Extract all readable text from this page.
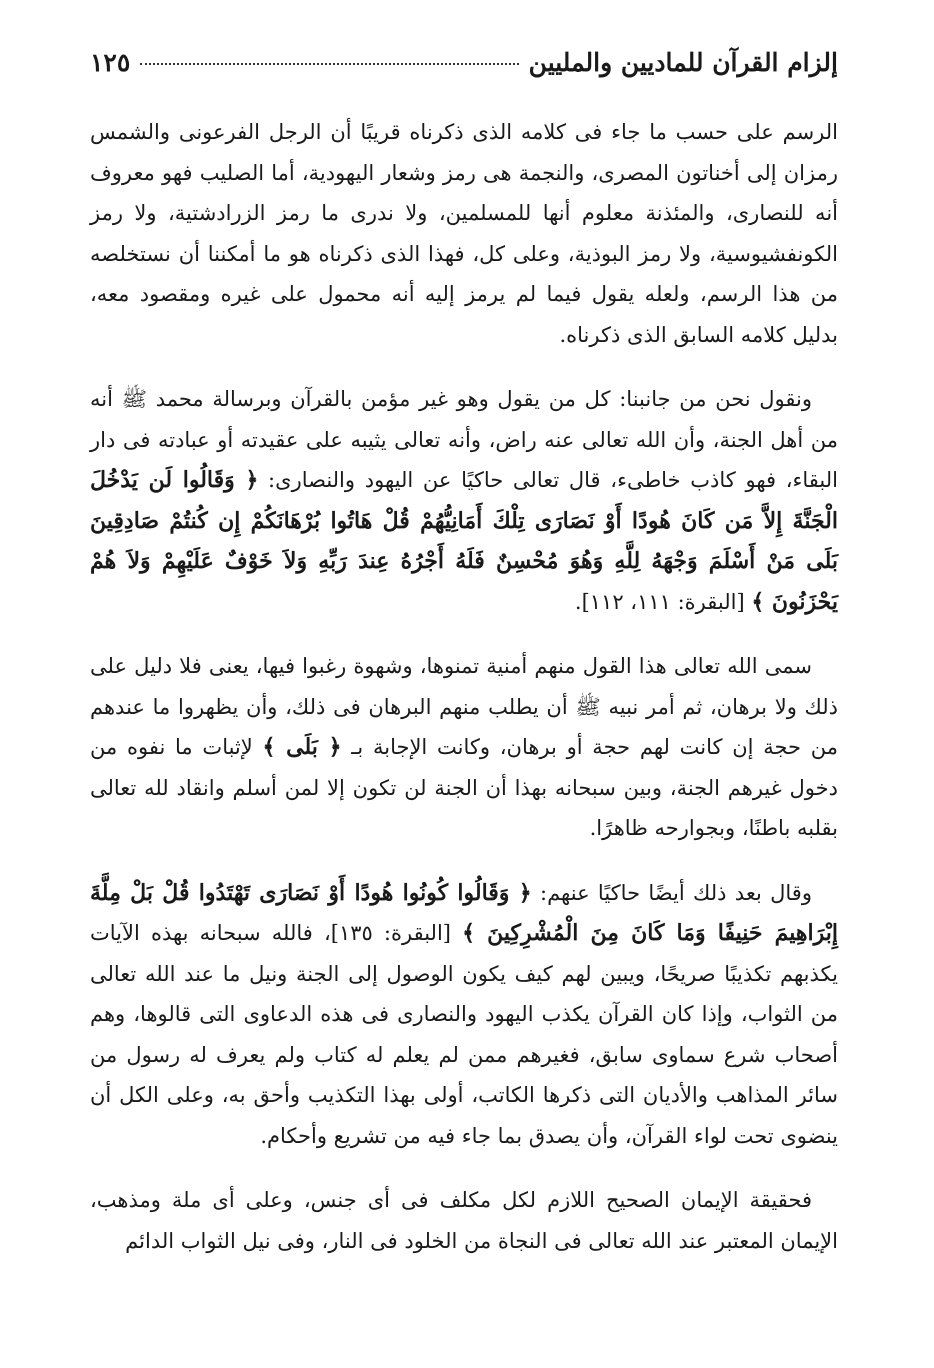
إلزام القرآن للماديين والمليين
١٢٥

الرسم على حسب ما جاء فى كلامه الذى ذكرناه قريبًا أن الرجل الفرعونى والشمس رمزان إلى أخناتون المصرى، والنجمة هى رمز وشعار اليهودية، أما الصليب فهو معروف أنه للنصارى، والمئذنة معلوم أنها للمسلمين، ولا ندرى ما رمز الزرادشتية، ولا رمز الكونفشيوسية، ولا رمز البوذية، وعلى كل، فهذا الذى ذكرناه هو ما أمكننا أن نستخلصه من هذا الرسم، ولعله يقول فيما لم يرمز إليه أنه محمول على غيره ومقصود معه، بدليل كلامه السابق الذى ذكرناه.

ونقول نحن من جانبنا: كل من يقول وهو غير مؤمن بالقرآن وبرسالة محمد ﷺ أنه من أهل الجنة، وأن الله تعالى عنه راض، وأنه تعالى يثيبه على عقيدته أو عبادته فى دار البقاء، فهو كاذب خاطىء، قال تعالى حاكيًا عن اليهود والنصارى: ﴿ وَقَالُوا لَن يَدْخُلَ الْجَنَّةَ إِلاَّ مَن كَانَ هُودًا أَوْ نَصَارَى تِلْكَ أَمَانِيُّهُمْ قُلْ هَاتُوا بُرْهَانَكُمْ إِن كُنتُمْ صَادِقِينَ بَلَى مَنْ أَسْلَمَ وَجْهَهُ لِلَّهِ وَهُوَ مُحْسِنٌ فَلَهُ أَجْرُهُ عِندَ رَبِّهِ وَلاَ خَوْفٌ عَلَيْهِمْ وَلاَ هُمْ يَحْزَنُونَ ﴾ [البقرة: ١١١، ١١٢].

سمى الله تعالى هذا القول منهم أمنية تمنوها، وشهوة رغبوا فيها، يعنى فلا دليل على ذلك ولا برهان، ثم أمر نبيه ﷺ أن يطلب منهم البرهان فى ذلك، وأن يظهروا ما عندهم من حجة إن كانت لهم حجة أو برهان، وكانت الإجابة بـ ﴿ بَلَى ﴾ لإثبات ما نفوه من دخول غيرهم الجنة، وبين سبحانه بهذا أن الجنة لن تكون إلا لمن أسلم وانقاد لله تعالى بقلبه باطنًا، وبجوارحه ظاهرًا.

وقال بعد ذلك أيضًا حاكيًا عنهم: ﴿ وَقَالُوا كُونُوا هُودًا أَوْ نَصَارَى تَهْتَدُوا قُلْ بَلْ مِلَّةَ إِبْرَاهِيمَ حَنِيفًا وَمَا كَانَ مِنَ الْمُشْرِكِينَ ﴾ [البقرة: ١٣٥]، فالله سبحانه بهذه الآيات يكذبهم تكذيبًا صريحًا، ويبين لهم كيف يكون الوصول إلى الجنة ونيل ما عند الله تعالى من الثواب، وإذا كان القرآن يكذب اليهود والنصارى فى هذه الدعاوى التى قالوها، وهم أصحاب شرع سماوى سابق، فغيرهم ممن لم يعلم له كتاب ولم يعرف له رسول من سائر المذاهب والأديان التى ذكرها الكاتب، أولى بهذا التكذيب وأحق به، وعلى الكل أن ينضوى تحت لواء القرآن، وأن يصدق بما جاء فيه من تشريع وأحكام.

فحقيقة الإيمان الصحيح اللازم لكل مكلف فى أى جنس، وعلى أى ملة ومذهب، الإيمان المعتبر عند الله تعالى فى النجاة من الخلود فى النار، وفى نيل الثواب الدائم
